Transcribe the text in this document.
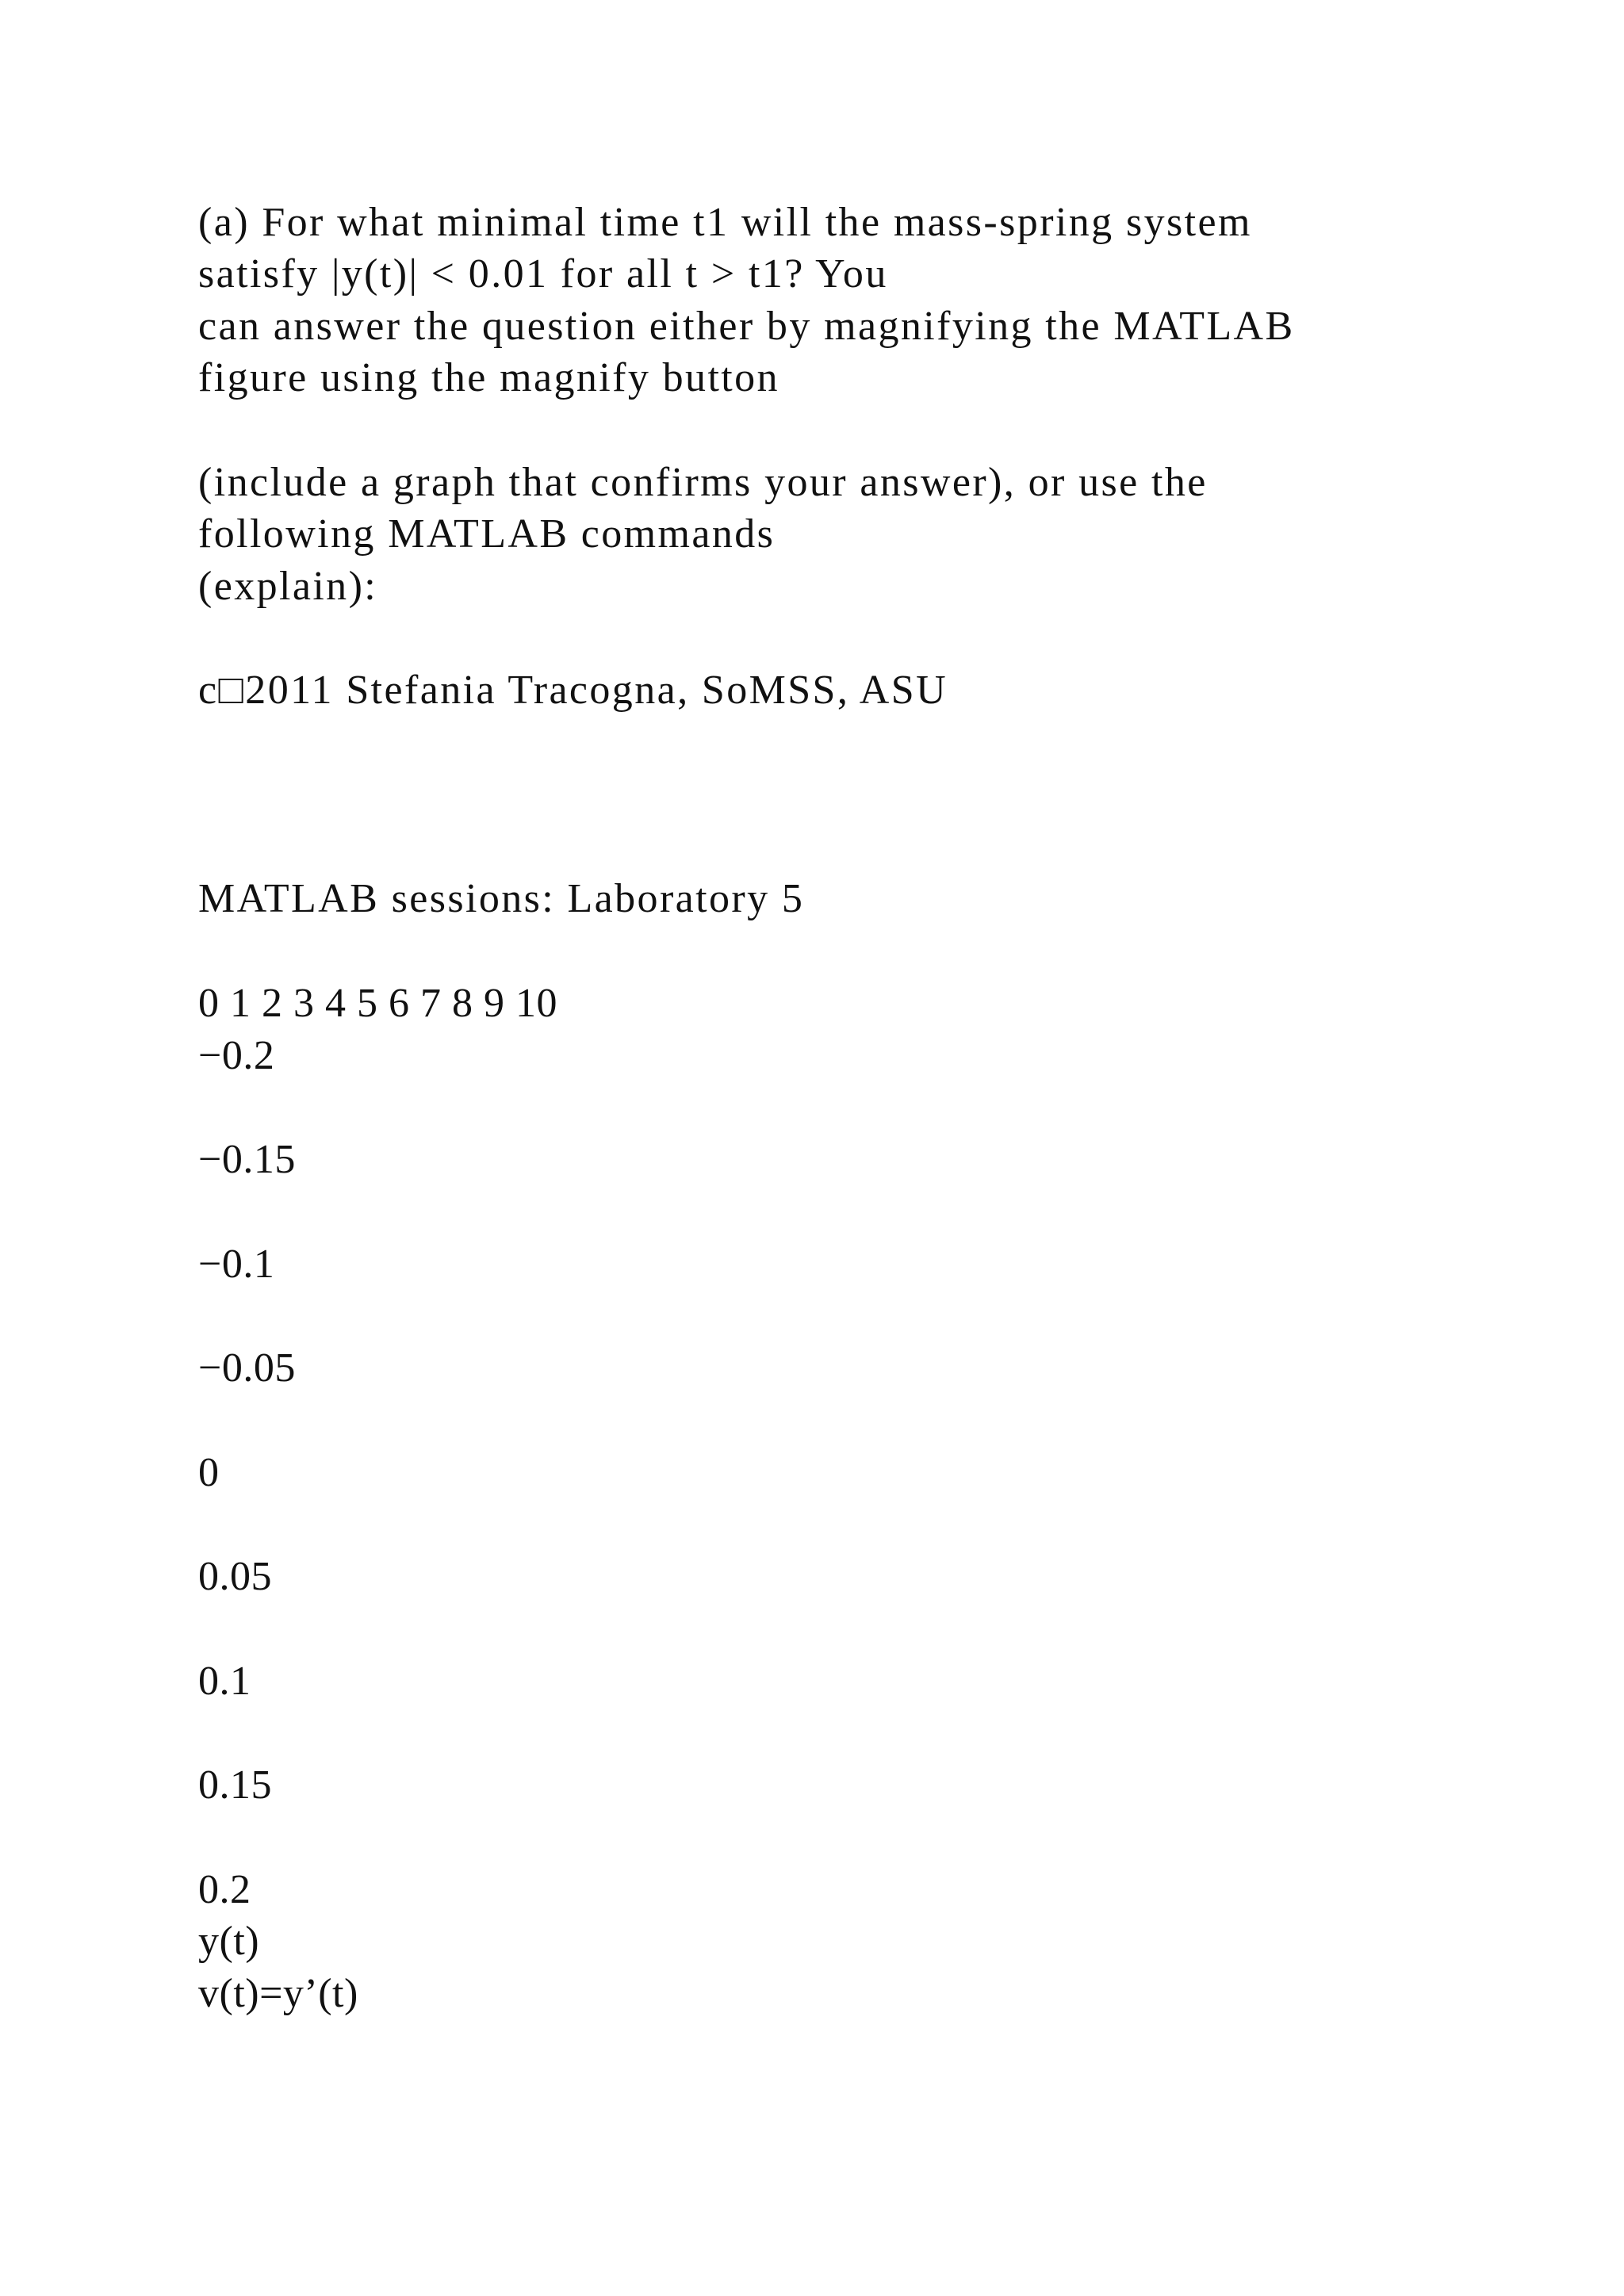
(a) For what minimal time t1 will the mass-spring system

satisfy |y(t)| < 0.01 for all t > t1? You

can answer the question either by magnifying the MATLAB

figure using the magnify button

(include a graph that confirms your answer), or use the

following MATLAB commands

(explain):

c□2011 Stefania Tracogna, SoMSS, ASU

MATLAB sessions: Laboratory 5

0 1 2 3 4 5 6 7 8 9 10

−0.2

−0.15

−0.1

−0.05

0

0.05

0.1

0.15

0.2

y(t)

v(t)=y’(t)
